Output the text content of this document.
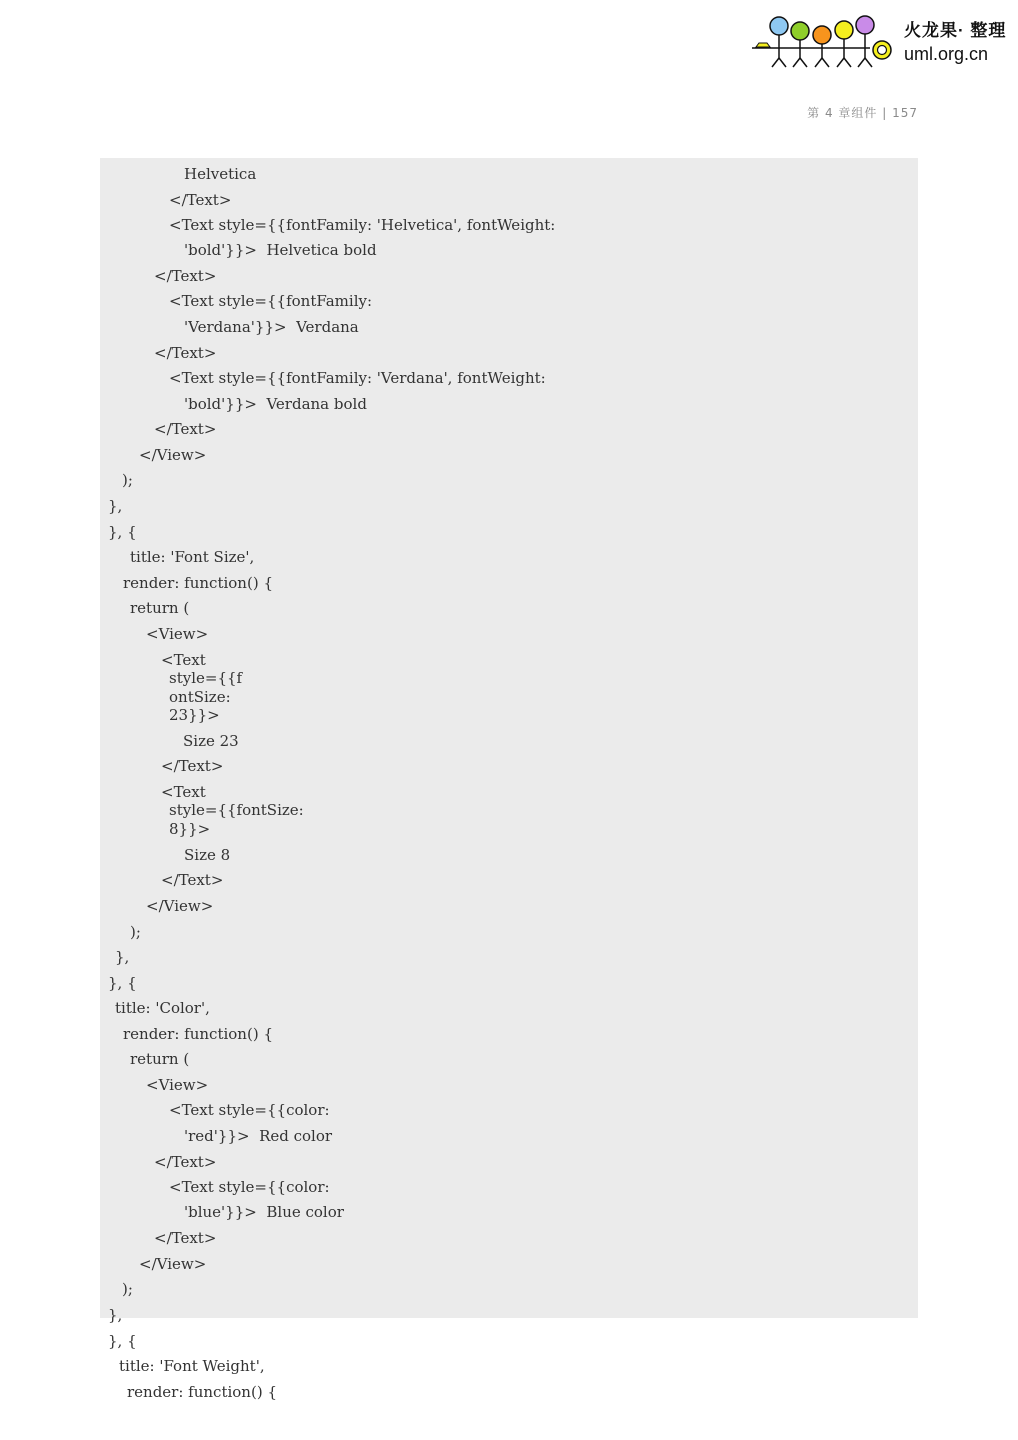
火龙果· 整理
uml.org.cn
第 4 章组件 | 157
Helvetica
</Text>
<Text style={{fontFamily: 'Helvetica', fontWeight:
'bold'}}>  Helvetica bold
</Text>
<Text style={{fontFamily:
'Verdana'}}>  Verdana
</Text>
<Text style={{fontFamily: 'Verdana', fontWeight:
'bold'}}>  Verdana bold
</Text>
</View>
);
},
}, {
title: 'Font Size',
render: function() {
return (
<View>
<Text
style={{f
ontSize:
23}}>
Size 23
</Text>
<Text
style={{fontSize:
8}}>
Size 8
</Text>
</View>
);
},
}, {
title: 'Color',
render: function() {
return (
<View>
<Text style={{color:
'red'}}>  Red color
</Text>
<Text style={{color:
'blue'}}>  Blue color
</Text>
</View>
);
},
}, {
title: 'Font Weight',
render: function() {
